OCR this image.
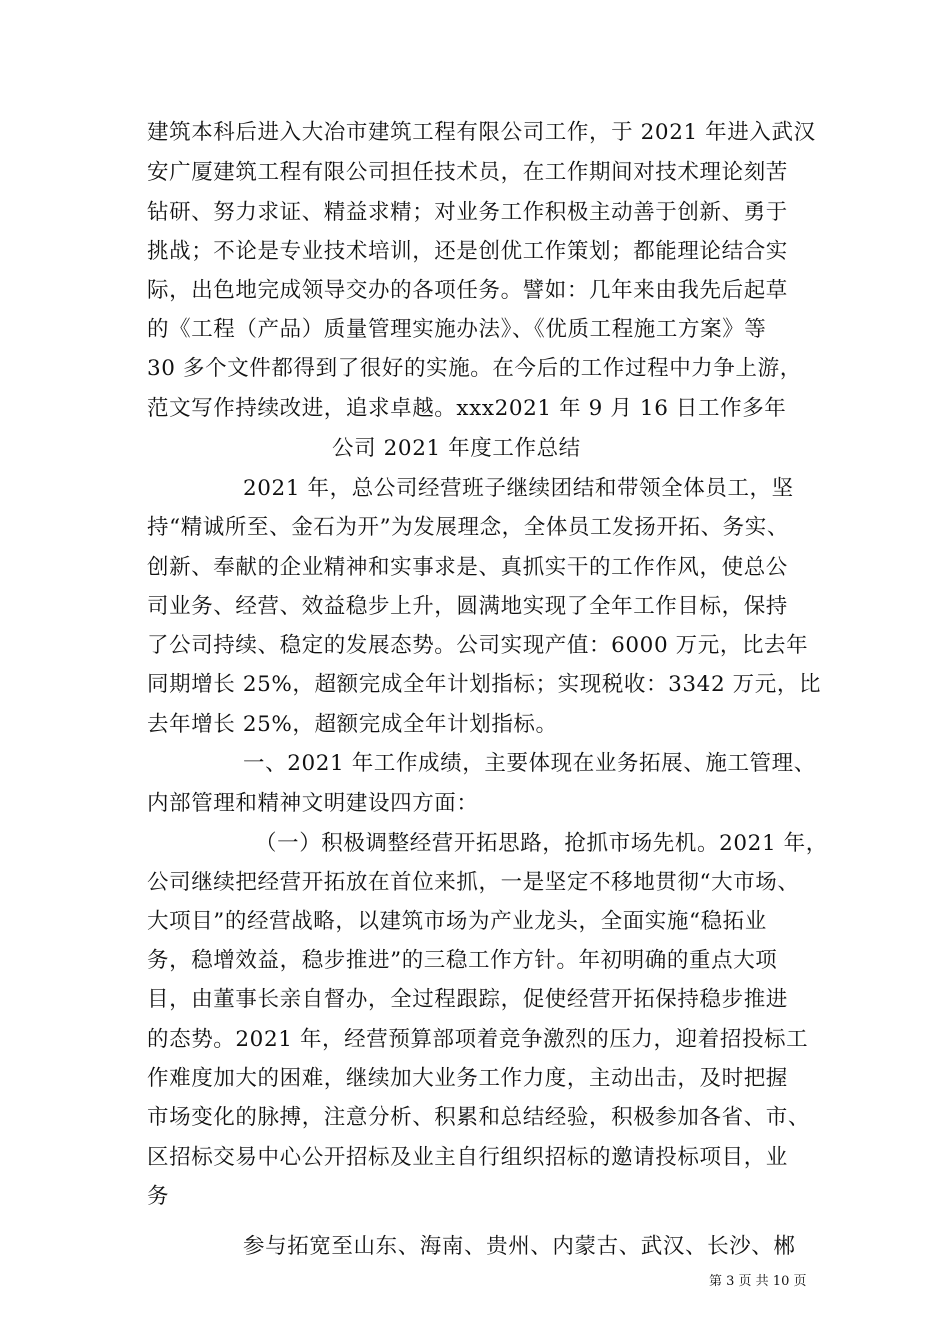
建筑本科后进入大冶市建筑工程有限公司工作，于 2021 年进入武汉
安广厦建筑工程有限公司担任技术员，在工作期间对技术理论刻苦
钻研、努力求证、精益求精；对业务工作积极主动善于创新、勇于
挑战；不论是专业技术培训，还是创优工作策划；都能理论结合实
际，出色地完成领导交办的各项任务。譬如：几年来由我先后起草
的《工程（产品）质量管理实施办法》、《优质工程施工方案》等
30 多个文件都得到了很好的实施。在今后的工作过程中力争上游，
范文写作持续改进，追求卓越。xxx2021 年 9 月 16 日工作多年
公司 2021 年度工作总结
2021 年，总公司经营班子继续团结和带领全体员工，坚
持“精诚所至、金石为开”为发展理念，全体员工发扬开拓、务实、
创新、奉献的企业精神和实事求是、真抓实干的工作作风，使总公
司业务、经营、效益稳步上升，圆满地实现了全年工作目标，保持
了公司持续、稳定的发展态势。公司实现产值：6000 万元，比去年
同期增长 25%，超额完成全年计划指标；实现税收：3342 万元，比
去年增长 25%，超额完成全年计划指标。
一、2021 年工作成绩，主要体现在业务拓展、施工管理、
内部管理和精神文明建设四方面：
（一）积极调整经营开拓思路，抢抓市场先机。2021 年，
公司继续把经营开拓放在首位来抓，一是坚定不移地贯彻“大市场、
大项目”的经营战略，以建筑市场为产业龙头，全面实施“稳拓业
务，稳增效益，稳步推进”的三稳工作方针。年初明确的重点大项
目，由董事长亲自督办，全过程跟踪，促使经营开拓保持稳步推进
的态势。2021 年，经营预算部项着竞争激烈的压力，迎着招投标工
作难度加大的困难，继续加大业务工作力度，主动出击，及时把握
市场变化的脉搏，注意分析、积累和总结经验，积极参加各省、市、
区招标交易中心公开招标及业主自行组织招标的邀请投标项目，业
务
参与拓宽至山东、海南、贵州、内蒙古、武汉、长沙、郴
第 3 页 共 10 页
